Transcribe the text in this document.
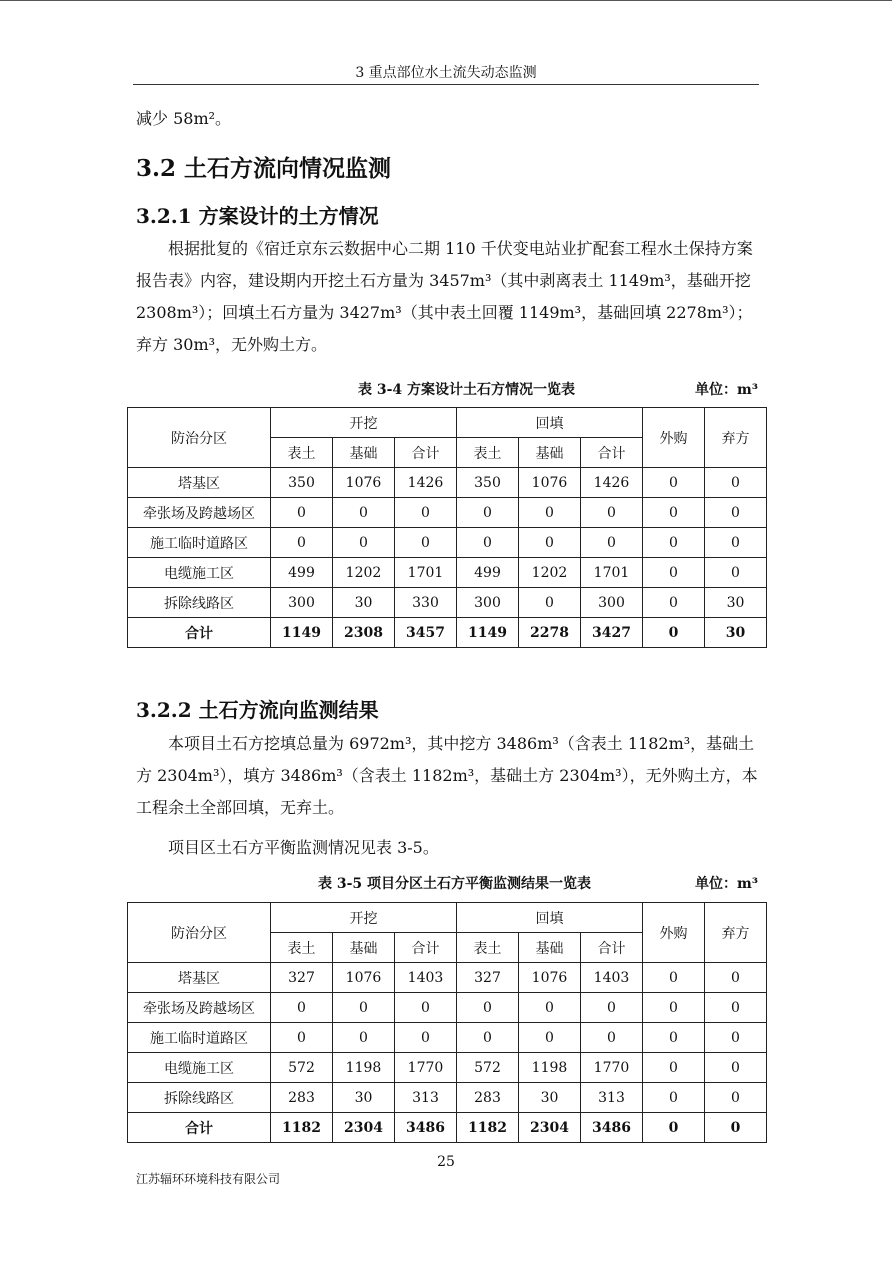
3 重点部位水土流失动态监测
减少 58m²。
3.2 土石方流向情况监测
3.2.1 方案设计的土方情况
根据批复的《宿迁京东云数据中心二期 110 千伏变电站业扩配套工程水土保持方案报告表》内容，建设期内开挖土石方量为 3457m³（其中剥离表土 1149m³，基础开挖 2308m³）；回填土石方量为 3427m³（其中表土回覆 1149m³，基础回填 2278m³）；弃方 30m³，无外购土方。
表 3-4 方案设计土石方情况一览表	单位：m³
防治分区	开挖			回填			外购	弃方
	表土	基础	合计	表土	基础	合计		
塔基区	350	1076	1426	350	1076	1426	0	0
牵张场及跨越场区	0	0	0	0	0	0	0	0
施工临时道路区	0	0	0	0	0	0	0	0
电缆施工区	499	1202	1701	499	1202	1701	0	0
拆除线路区	300	30	330	300	0	300	0	30
合计	1149	2308	3457	1149	2278	3427	0	30
3.2.2 土石方流向监测结果
本项目土石方挖填总量为 6972m³，其中挖方 3486m³（含表土 1182m³，基础土方 2304m³），填方 3486m³（含表土 1182m³，基础土方 2304m³），无外购土方，本工程余土全部回填，无弃土。
项目区土石方平衡监测情况见表 3-5。
表 3-5 项目分区土石方平衡监测结果一览表	单位：m³
防治分区	开挖			回填			外购	弃方
	表土	基础	合计	表土	基础	合计		
塔基区	327	1076	1403	327	1076	1403	0	0
牵张场及跨越场区	0	0	0	0	0	0	0	0
施工临时道路区	0	0	0	0	0	0	0	0
电缆施工区	572	1198	1770	572	1198	1770	0	0
拆除线路区	283	30	313	283	30	313	0	0
合计	1182	2304	3486	1182	2304	3486	0	0
25
江苏辐环环境科技有限公司
